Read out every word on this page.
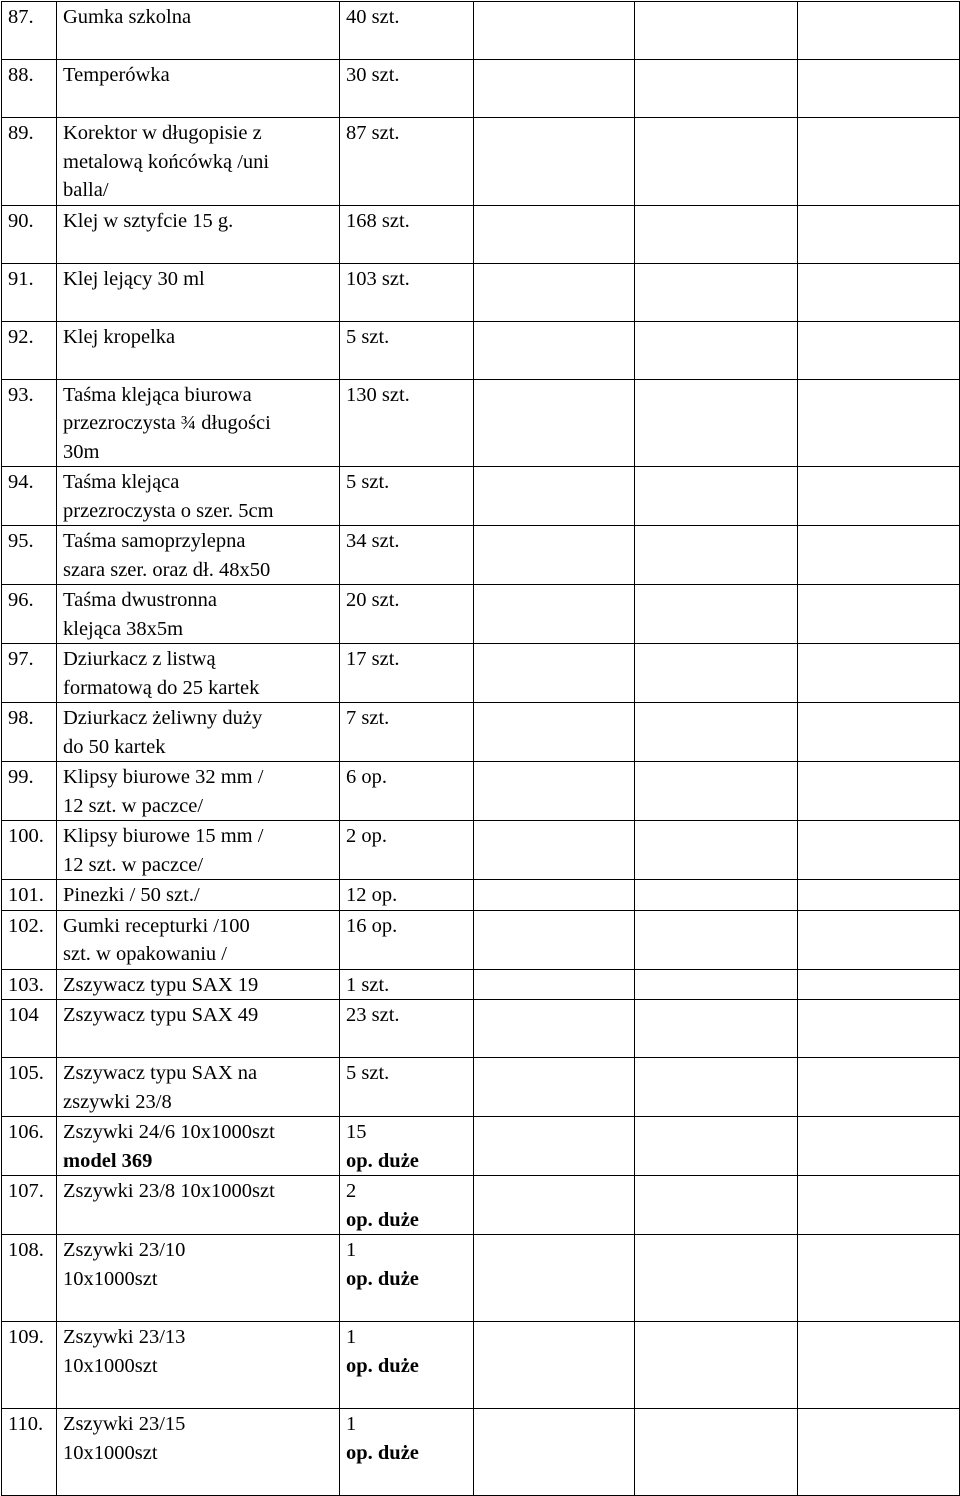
87.	Gumka szkolna	40 szt.			

88.	Temperówka	30 szt.			

89.	Korektor w długopisie z
metalową końcówką /uni
balla/	87 szt.			

90.	Klej w sztyfcie 15 g.	168 szt.			

91.	Klej lejący 30 ml	103 szt.			

92.	Klej kropelka	5 szt.			

93.	Taśma klejąca biurowa
przezroczysta ¾ długości
30m	130 szt.			

94.	Taśma klejąca
przezroczysta o szer. 5cm	5 szt.			

95.	Taśma samoprzylepna
szara szer. oraz dł. 48x50	34 szt.			

96.	Taśma dwustronna
klejąca 38x5m	20 szt.			

97.	Dziurkacz z listwą
formatową do 25 kartek	17 szt.			

98.	Dziurkacz żeliwny duży
do 50 kartek	7 szt.			

99.	Klipsy biurowe 32 mm /
12 szt. w paczce/	6 op.			

100.	Klipsy biurowe 15 mm /
12 szt. w paczce/	2 op.			

101.	Pinezki / 50 szt./	12 op.			

102.	Gumki recepturki /100
szt. w opakowaniu /	16 op.			

103.	Zszywacz typu SAX 19	1 szt.			

104	Zszywacz typu SAX 49	23 szt.			

105.	Zszywacz typu SAX na
zszywki 23/8	5 szt.			

106.	Zszywki 24/6 10x1000szt
model 369	15
op. duże			

107.	Zszywki 23/8 10x1000szt	2
op. duże			

108.	Zszywki 23/10
10x1000szt	1
op. duże			

109.	Zszywki 23/13
10x1000szt	1
op. duże			

110.	Zszywki 23/15
10x1000szt	1
op. duże			
